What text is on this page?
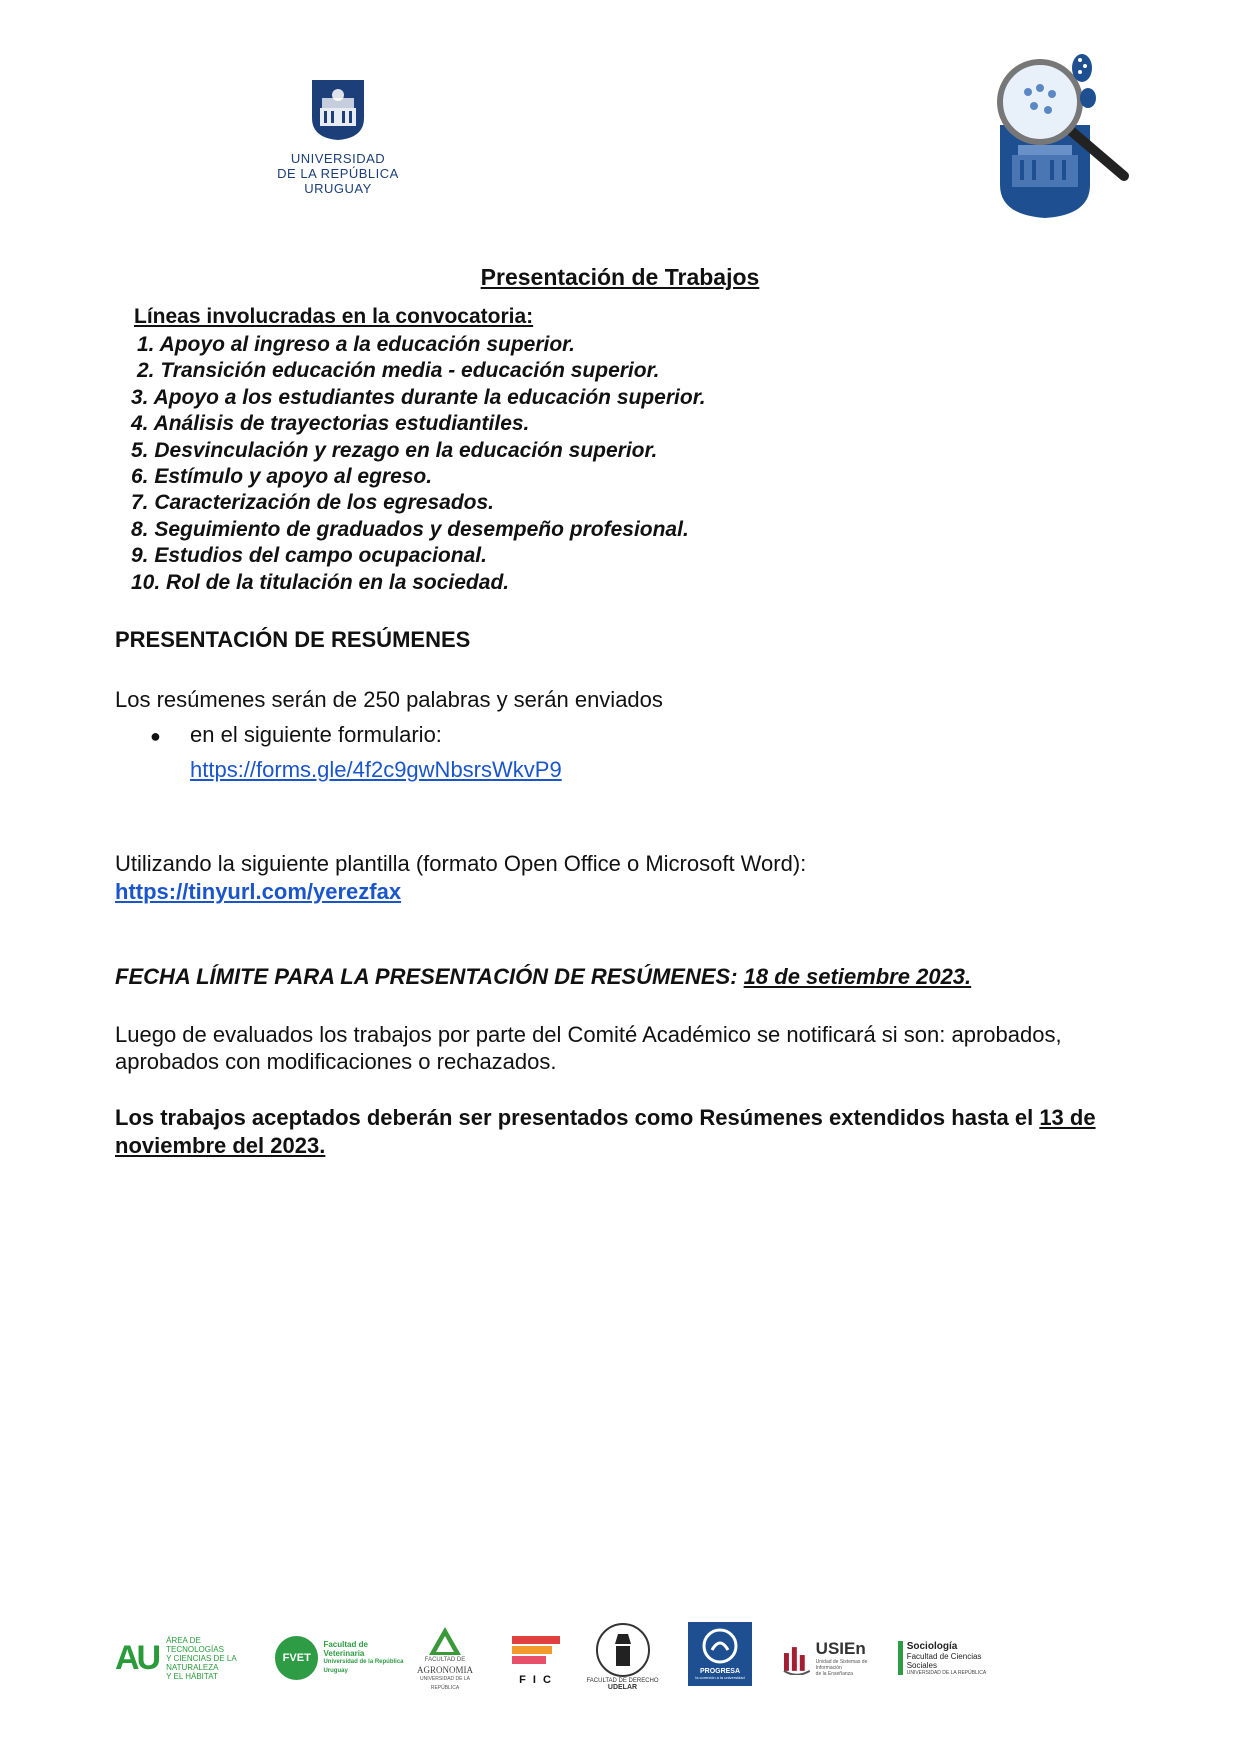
UNIVERSIDAD
DE LA REPÚBLICA
URUGUAY
Presentación de Trabajos
Líneas involucradas en la convocatoria:
1. Apoyo al ingreso a la educación superior.
2. Transición educación media - educación superior.
3. Apoyo a los estudiantes durante la educación superior.
4. Análisis de trayectorias estudiantiles.
5. Desvinculación y rezago en la educación superior.
6. Estímulo y apoyo al egreso.
7. Caracterización de los egresados.
8. Seguimiento de graduados y desempeño profesional.
9. Estudios del campo ocupacional.
10. Rol de la titulación en la sociedad.
PRESENTACIÓN DE RESÚMENES
Los resúmenes serán de 250 palabras y serán enviados
● en el siguiente formulario:
https://forms.gle/4f2c9gwNbsrsWkvP9
Utilizando la siguiente plantilla (formato Open Office o Microsoft Word):
https://tinyurl.com/yerezfax
FECHA LÍMITE PARA LA PRESENTACIÓN DE RESÚMENES: 18 de setiembre 2023.
Luego de evaluados los trabajos por parte del Comité Académico se notificará si son: aprobados, aprobados con modificaciones o rechazados.
Los trabajos aceptados deberán ser presentados como Resúmenes extendidos hasta el 13 de noviembre del 2023.
AU ÁREA DE TECNOLOGÍAS
Y CIENCIAS DE LA NATURALEZA
Y EL HÁBITAT
FVET
Facultad de Veterinaria
Universidad de la República
Uruguay
FACULTAD DE
AGRONOMIA
UNIVERSIDAD DE LA REPÚBLICA
F I C	FACULTAD DE DERECHO
UDELAR
PROGRESA
la conexión a la universidad
USIEn
Unidad de Sistemas de Información
de la Enseñanza
Sociología
Facultad de Ciencias Sociales
UNIVERSIDAD DE LA REPÚBLICA
